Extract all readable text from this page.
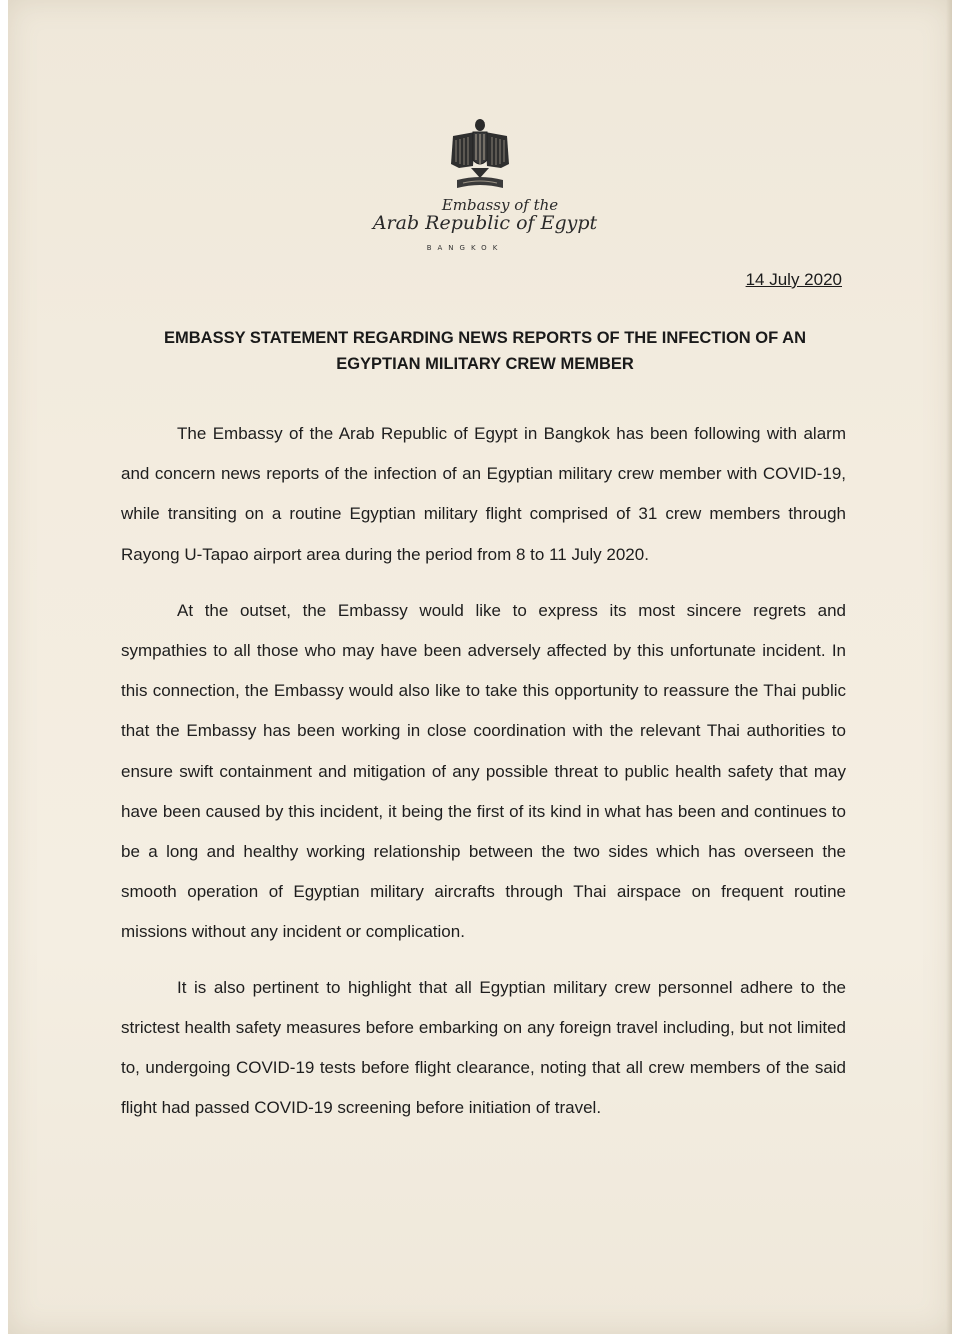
Embassy of the
Arab Republic of Egypt
BANGKOK
14 July 2020
EMBASSY STATEMENT REGARDING NEWS REPORTS OF THE INFECTION OF AN EGYPTIAN MILITARY CREW MEMBER

The Embassy of the Arab Republic of Egypt in Bangkok has been following with alarm and concern news reports of the infection of an Egyptian military crew member with COVID-19, while transiting on a routine Egyptian military flight comprised of 31 crew members through Rayong U-Tapao airport area during the period from 8 to 11 July 2020.

At the outset, the Embassy would like to express its most sincere regrets and sympathies to all those who may have been adversely affected by this unfortunate incident. In this connection, the Embassy would also like to take this opportunity to reassure the Thai public that the Embassy has been working in close coordination with the relevant Thai authorities to ensure swift containment and mitigation of any possible threat to public health safety that may have been caused by this incident, it being the first of its kind in what has been and continues to be a long and healthy working relationship between the two sides which has overseen the smooth operation of Egyptian military aircrafts through Thai airspace on frequent routine missions without any incident or complication.

It is also pertinent to highlight that all Egyptian military crew personnel adhere to the strictest health safety measures before embarking on any foreign travel including, but not limited to, undergoing COVID-19 tests before flight clearance, noting that all crew members of the said flight had passed COVID-19 screening before initiation of travel.
